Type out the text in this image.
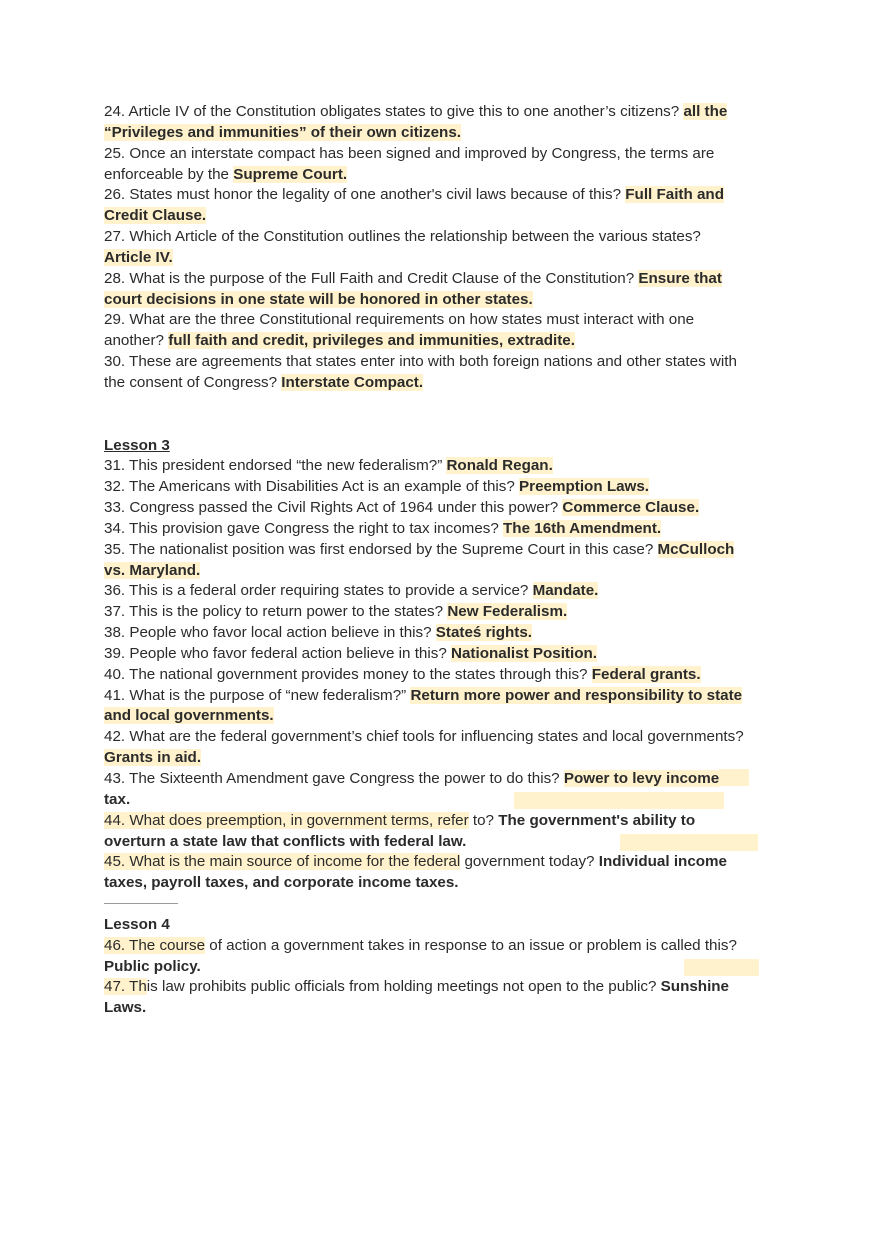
24. Article IV of the Constitution obligates states to give this to one another’s citizens? all the
“Privileges and immunities” of their own citizens.
25. Once an interstate compact has been signed and improved by Congress, the terms are
enforceable by the Supreme Court.
26. States must honor the legality of one another's civil laws because of this? Full Faith and
Credit Clause.
27. Which Article of the Constitution outlines the relationship between the various states?
Article IV.
28. What is the purpose of the Full Faith and Credit Clause of the Constitution? Ensure that
court decisions in one state will be honored in other states.
29. What are the three Constitutional requirements on how states must interact with one
another? full faith and credit, privileges and immunities, extradite.
30. These are agreements that states enter into with both foreign nations and other states with
the consent of Congress? Interstate Compact.
Lesson 3
31. This president endorsed “the new federalism?” Ronald Regan.
32. The Americans with Disabilities Act is an example of this? Preemption Laws.
33. Congress passed the Civil Rights Act of 1964 under this power? Commerce Clause.
34. This provision gave Congress the right to tax incomes? The 16th Amendment.
35. The nationalist position was first endorsed by the Supreme Court in this case? McCulloch
vs. Maryland.
36. This is a federal order requiring states to provide a service? Mandate.
37. This is the policy to return power to the states? New Federalism.
38. People who favor local action believe in this? Stateś rights.
39. People who favor federal action believe in this? Nationalist Position.
40. The national government provides money to the states through this? Federal grants.
41. What is the purpose of “new federalism?” Return more power and responsibility to state
and local governments.
42. What are the federal government’s chief tools for influencing states and local governments?
Grants in aid.
43. The Sixteenth Amendment gave Congress the power to do this? Power to levy income
tax.
44. What does preemption, in government terms, refer to? The government's ability to
overturn a state law that conflicts with federal law.
45. What is the main source of income for the federal government today? Individual income
taxes, payroll taxes, and corporate income taxes.
Lesson 4
46. The course of action a government takes in response to an issue or problem is called this?
Public policy.
47. This law prohibits public officials from holding meetings not open to the public? Sunshine
Laws.
